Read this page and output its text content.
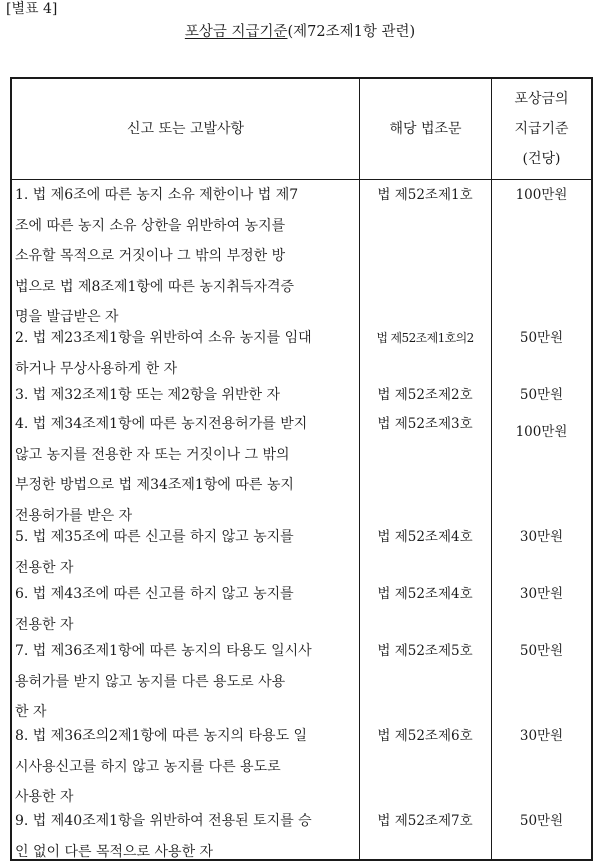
[별표 4]
포상금 지급기준(제72조제1항 관련)
신고 또는 고발사항	해당 법조문
포상금의
지급기준
(건당)
1. 법 제6조에 따른 농지 소유 제한이나 법 제7
조에 따른 농지 소유 상한을 위반하여 농지를
소유할 목적으로 거짓이나 그 밖의 부정한 방
법으로 법 제8조제1항에 따른 농지취득자격증
명을 발급받은 자
법 제52조제1호	100만원
2. 법 제23조제1항을 위반하여 소유 농지를 임대
하거나 무상사용하게 한 자
법 제52조제1호의2	50만원
3. 법 제32조제1항 또는 제2항을 위반한 자	법 제52조제2호	50만원
4. 법 제34조제1항에 따른 농지전용허가를 받지
않고 농지를 전용한 자 또는 거짓이나 그 밖의
부정한 방법으로 법 제34조제1항에 따른 농지
전용허가를 받은 자
법 제52조제3호	100만원
5. 법 제35조에 따른 신고를 하지 않고 농지를
전용한 자
법 제52조제4호	30만원
6. 법 제43조에 따른 신고를 하지 않고 농지를
전용한 자
법 제52조제4호	30만원
7. 법 제36조제1항에 따른 농지의 타용도 일시사
용허가를 받지 않고 농지를 다른 용도로 사용
한 자
법 제52조제5호	50만원
8. 법 제36조의2제1항에 따른 농지의 타용도 일
시사용신고를 하지 않고 농지를 다른 용도로
사용한 자
법 제52조제6호	30만원
9. 법 제40조제1항을 위반하여 전용된 토지를 승
인 없이 다른 목적으로 사용한 자
법 제52조제7호	50만원
